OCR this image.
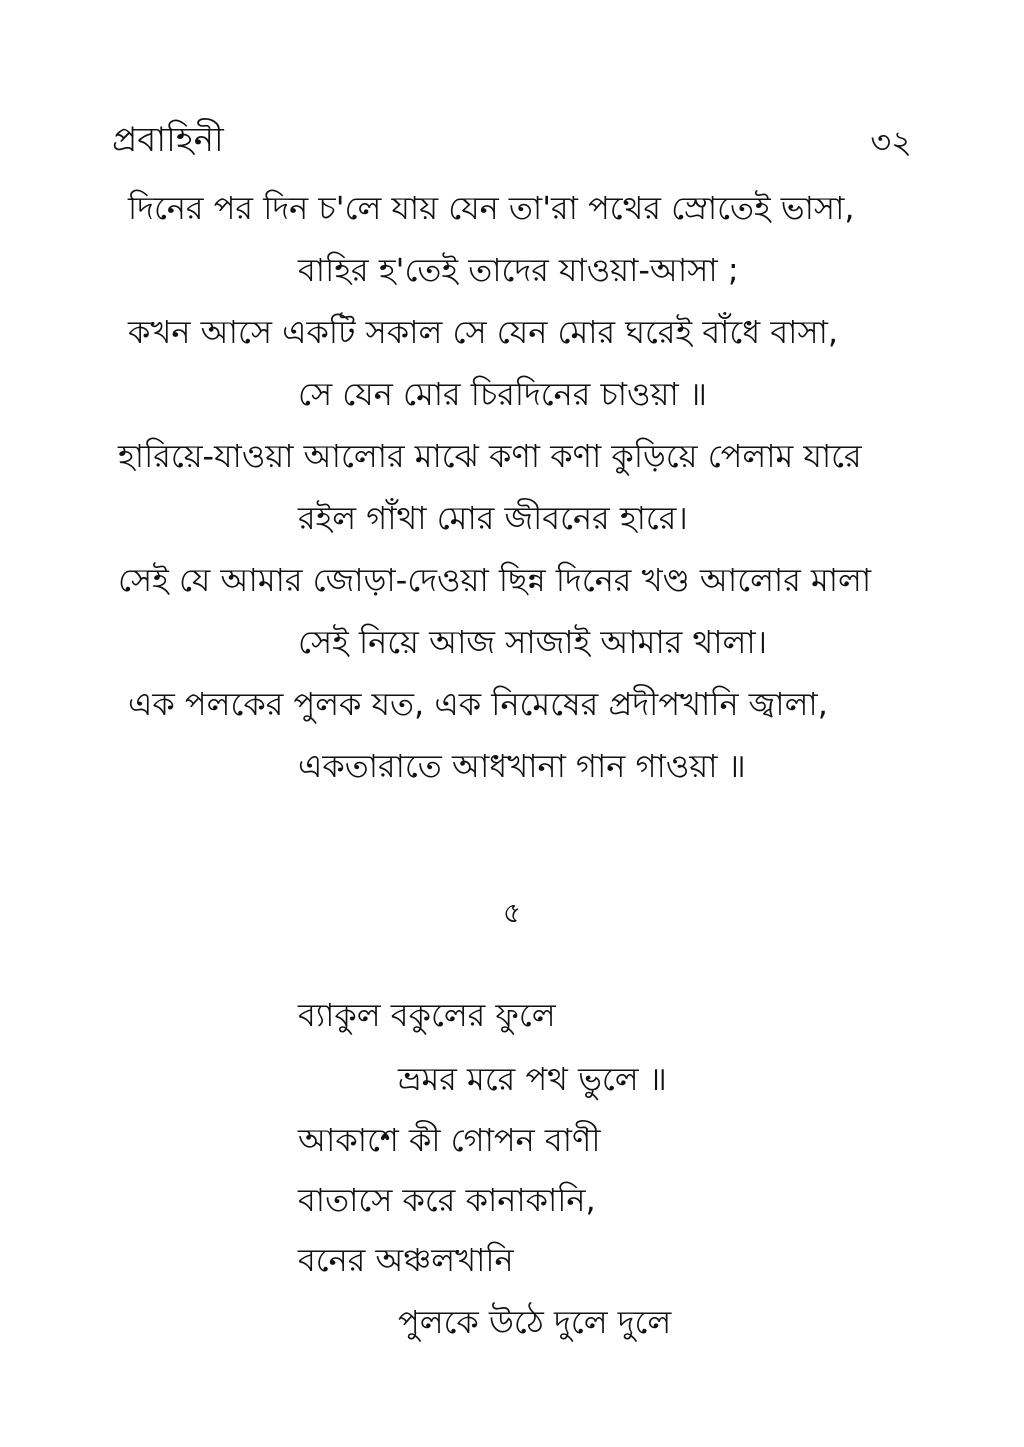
প্রবাহিনী	৩২
দিনের পর দিন চ'লে যায় যেন তা'রা পথের স্রোতেই ভাসা,
বাহির হ'তেই তাদের যাওয়া-আসা ;
কখন আসে একটি সকাল সে যেন মোর ঘরেই বাঁধে বাসা,
সে যেন মোর চিরদিনের চাওয়া ॥
হারিয়ে-যাওয়া আলোর মাঝে কণা কণা কুড়িয়ে পেলাম যারে
রইল গাঁথা মোর জীবনের হারে।
সেই যে আমার জোড়া-দেওয়া ছিন্ন দিনের খণ্ড আলোর মালা
সেই নিয়ে আজ সাজাই আমার থালা।
এক পলকের পুলক যত, এক নিমেষের প্রদীপখানি জ্বালা,
একতারাতে আধখানা গান গাওয়া ॥
৫
ব্যাকুল বকুলের ফুলে
ভ্রমর মরে পথ ভুলে ॥
আকাশে কী গোপন বাণী
বাতাসে করে কানাকানি,
বনের অঞ্চলখানি
পুলকে উঠে দুলে দুলে
